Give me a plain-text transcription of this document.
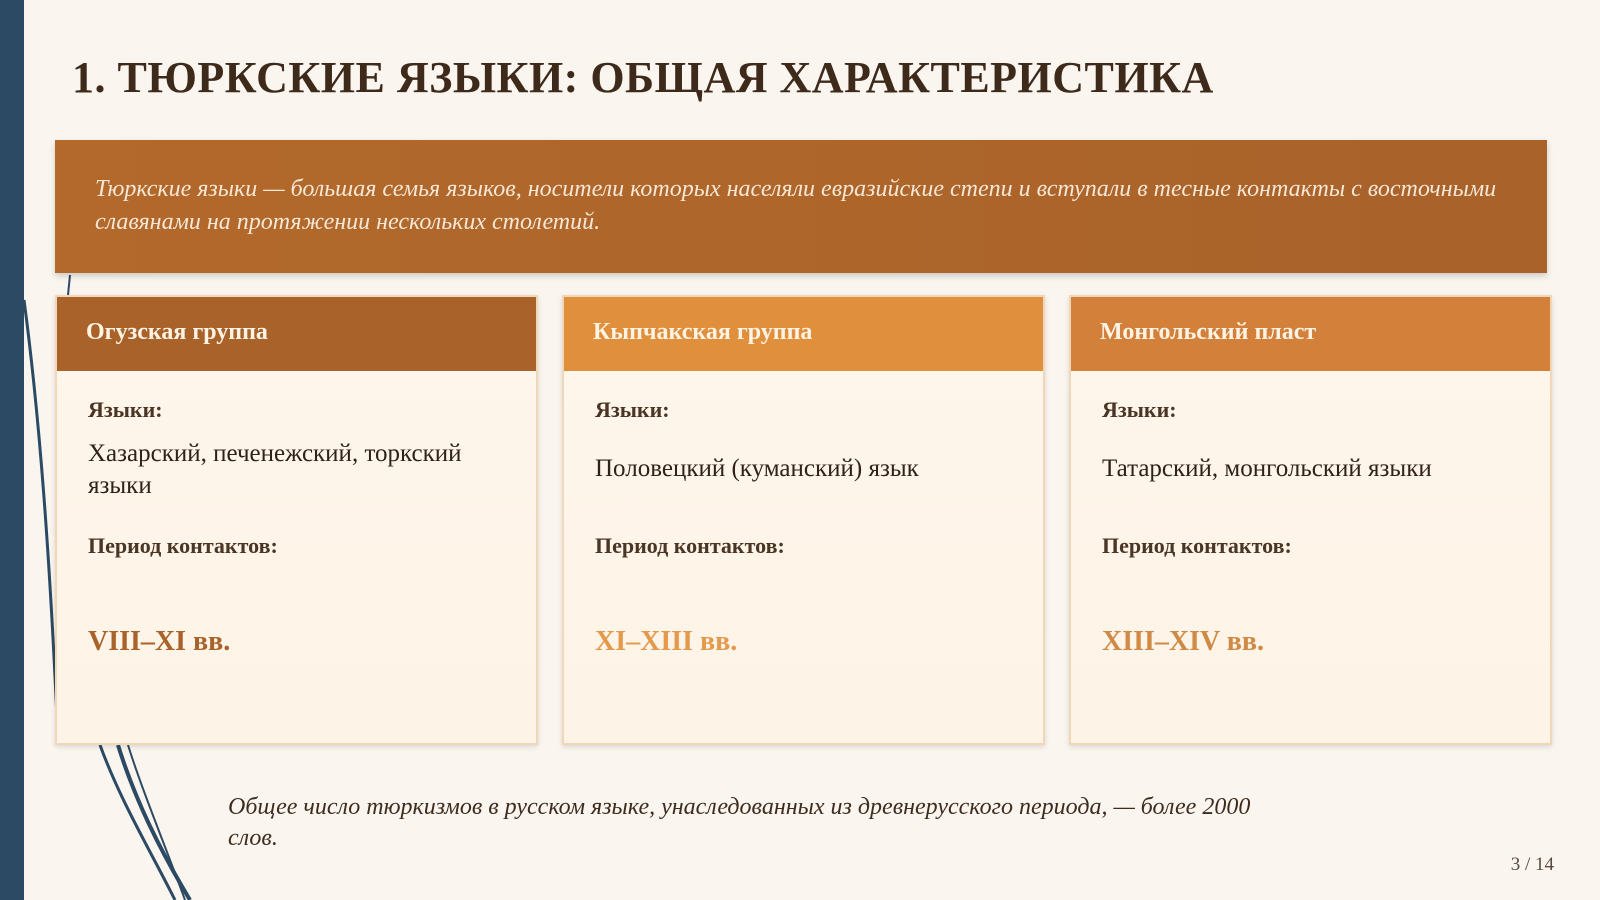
1. ТЮРКСКИЕ ЯЗЫКИ: ОБЩАЯ ХАРАКТЕРИСТИКА

Тюркские языки — большая семья языков, носители которых населяли евразийские степи и вступали в тесные контакты с восточными славянами на протяжении нескольких столетий.

Огузская группа
Языки:
Хазарский, печенежский, торкский языки
Период контактов:
VIII–XI вв.
Кыпчакская группа
Языки:
Половецкий (куманский) язык
Период контактов:
XI–XIII вв.
Монгольский пласт
Языки:
Татарский, монгольский языки
Период контактов:
XIII–XIV вв.

Общее число тюркизмов в русском языке, унаследованных из древнерусского периода, — более 2000 слов.

3 / 14
